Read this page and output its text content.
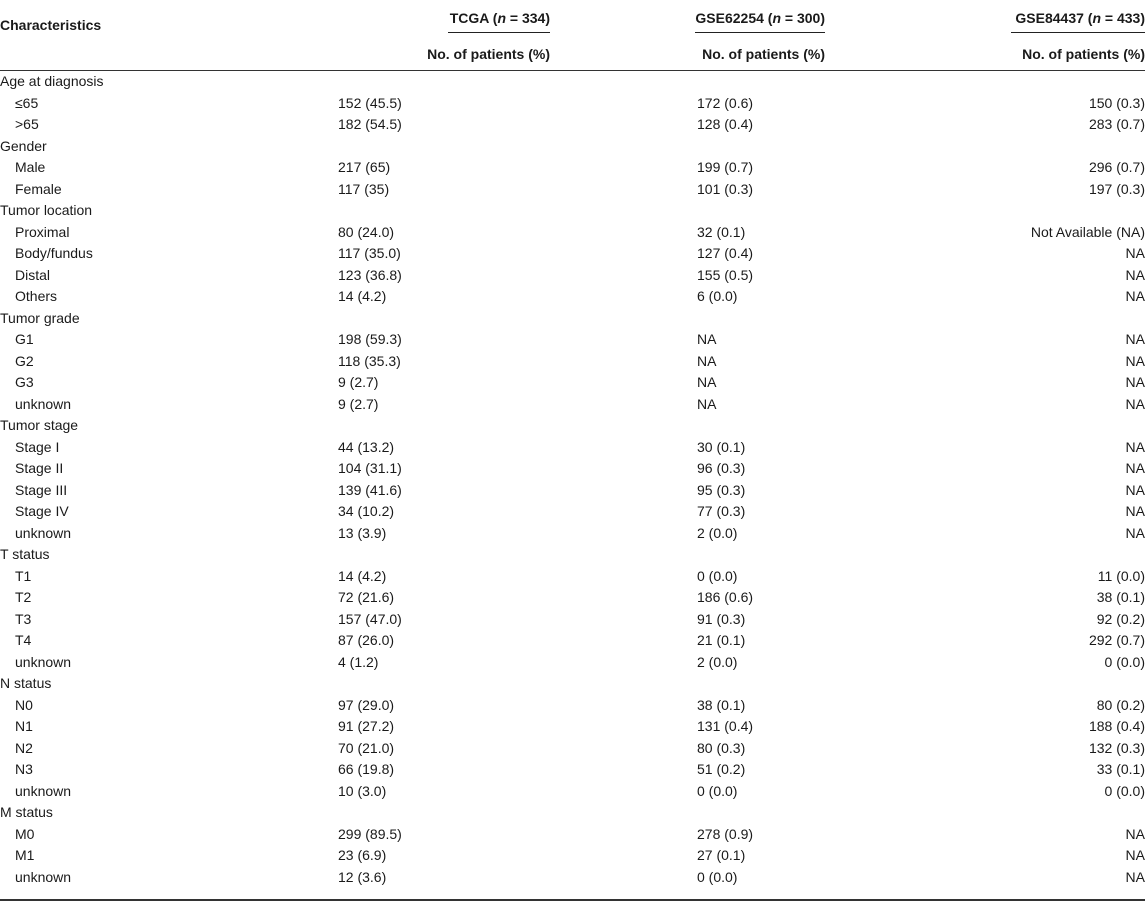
Characteristics	TCGA (n = 334)	GSE62254 (n = 300)	GSE84437 (n = 433)
	No. of patients (%)	No. of patients (%)	No. of patients (%)
Age at diagnosis			
≤65	152 (45.5)	172 (0.6)	150 (0.3)
>65	182 (54.5)	128 (0.4)	283 (0.7)
Gender			
Male	217 (65)	199 (0.7)	296 (0.7)
Female	117 (35)	101 (0.3)	197 (0.3)
Tumor location			
Proximal	80 (24.0)	32 (0.1)	Not Available (NA)
Body/fundus	117 (35.0)	127 (0.4)	NA
Distal	123 (36.8)	155 (0.5)	NA
Others	14 (4.2)	6 (0.0)	NA
Tumor grade			
G1	198 (59.3)	NA	NA
G2	118 (35.3)	NA	NA
G3	9 (2.7)	NA	NA
unknown	9 (2.7)	NA	NA
Tumor stage			
Stage I	44 (13.2)	30 (0.1)	NA
Stage II	104 (31.1)	96 (0.3)	NA
Stage III	139 (41.6)	95 (0.3)	NA
Stage IV	34 (10.2)	77 (0.3)	NA
unknown	13 (3.9)	2 (0.0)	NA
T status			
T1	14 (4.2)	0 (0.0)	11 (0.0)
T2	72 (21.6)	186 (0.6)	38 (0.1)
T3	157 (47.0)	91 (0.3)	92 (0.2)
T4	87 (26.0)	21 (0.1)	292 (0.7)
unknown	4 (1.2)	2 (0.0)	0 (0.0)
N status			
N0	97 (29.0)	38 (0.1)	80 (0.2)
N1	91 (27.2)	131 (0.4)	188 (0.4)
N2	70 (21.0)	80 (0.3)	132 (0.3)
N3	66 (19.8)	51 (0.2)	33 (0.1)
unknown	10 (3.0)	0 (0.0)	0 (0.0)
M status			
M0	299 (89.5)	278 (0.9)	NA
M1	23 (6.9)	27 (0.1)	NA
unknown	12 (3.6)	0 (0.0)	NA
